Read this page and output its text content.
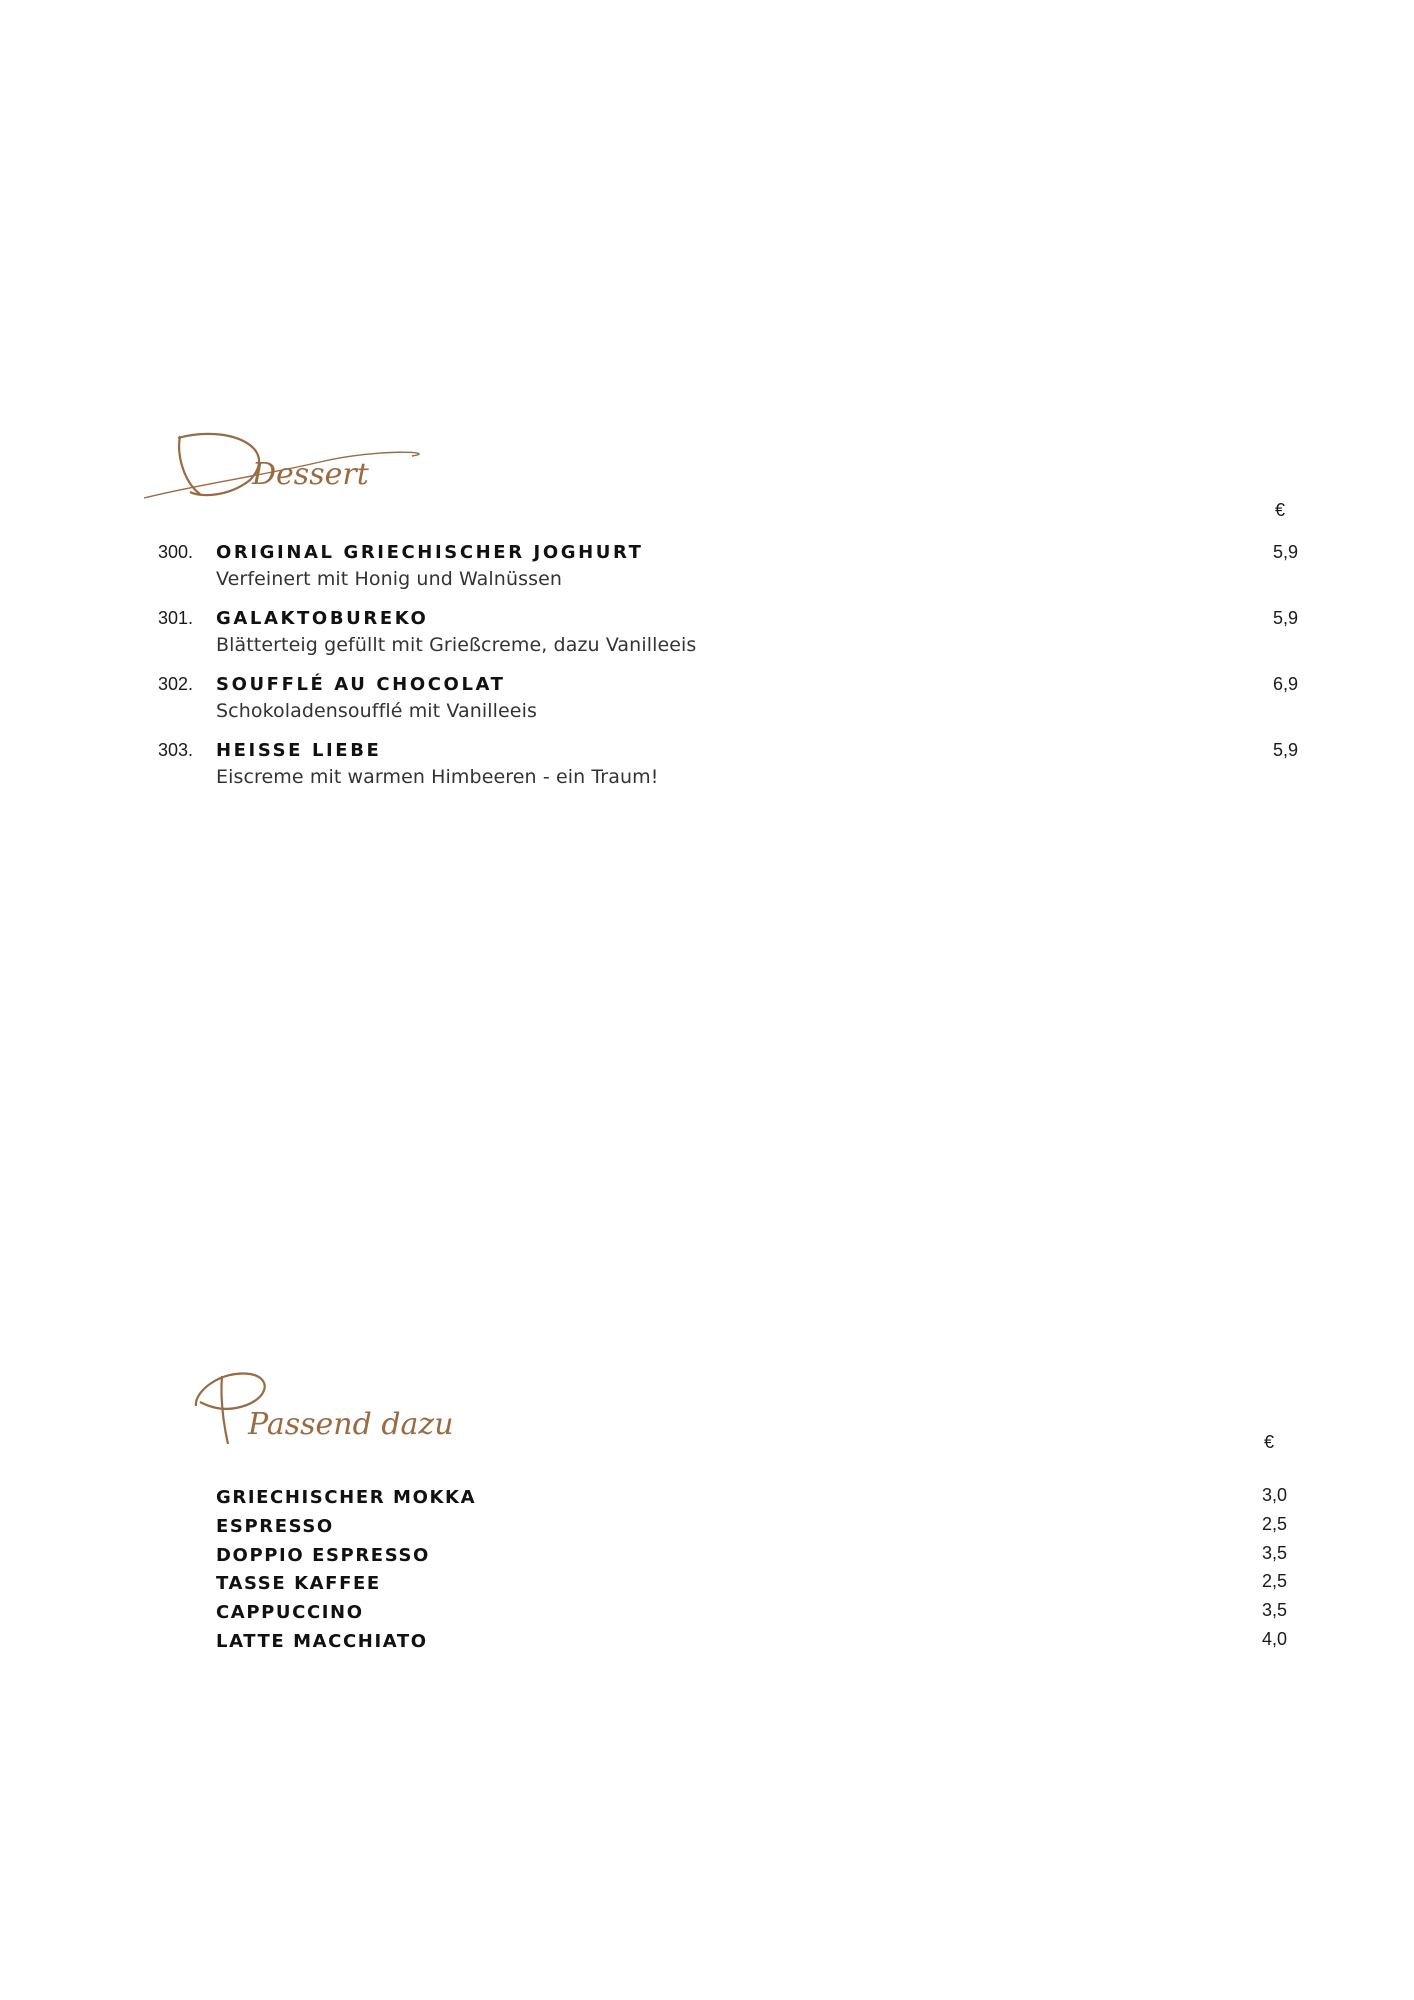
Dessert
€
300. ORIGINAL GRIECHISCHER JOGHURT
Verfeinert mit Honig und Walnüssen
5,9
301. GALAKTOBUREKO
Blätterteig gefüllt mit Grießcreme, dazu Vanilleeis
5,9
302. SOUFFLÉ AU CHOCOLAT
Schokoladensoufflé mit Vanilleeis
6,9
303. HEISSE LIEBE
Eiscreme mit warmen Himbeeren - ein Traum!
5,9
Passend dazu	€
GRIECHISCHER MOKKA	3,0
ESPRESSO	2,5
DOPPIO ESPRESSO	3,5
TASSE KAFFEE	2,5
CAPPUCCINO	3,5
LATTE MACCHIATO	4,0
